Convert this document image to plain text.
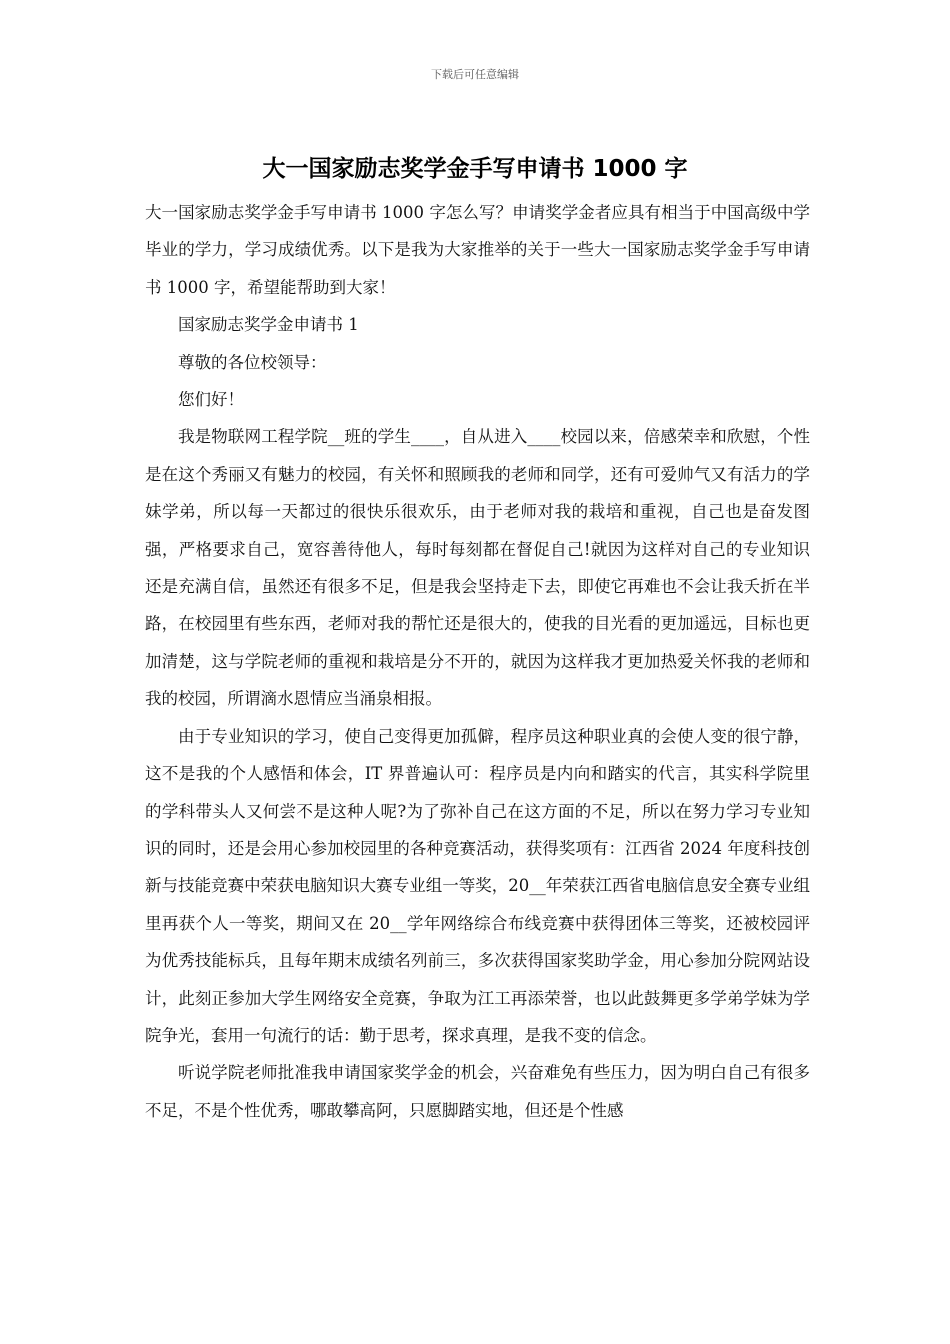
下载后可任意编辑
大一国家励志奖学金手写申请书 1000 字

大一国家励志奖学金手写申请书 1000 字怎么写？申请奖学金者应具有相当于中国高级中学毕业的学力，学习成绩优秀。以下是我为大家推举的关于一些大一国家励志奖学金手写申请书 1000 字，希望能帮助到大家！

国家励志奖学金申请书 1

尊敬的各位校领导：

您们好！

我是物联网工程学院__班的学生____，自从进入____校园以来，倍感荣幸和欣慰，个性是在这个秀丽又有魅力的校园，有关怀和照顾我的老师和同学，还有可爱帅气又有活力的学妹学弟，所以每一天都过的很快乐很欢乐，由于老师对我的栽培和重视，自己也是奋发图强，严格要求自己，宽容善待他人，每时每刻都在督促自己!就因为这样对自己的专业知识还是充满自信，虽然还有很多不足，但是我会坚持走下去，即使它再难也不会让我夭折在半路，在校园里有些东西，老师对我的帮忙还是很大的，使我的目光看的更加遥远，目标也更加清楚，这与学院老师的重视和栽培是分不开的，就因为这样我才更加热爱关怀我的老师和我的校园，所谓滴水恩情应当涌泉相报。

由于专业知识的学习，使自己变得更加孤僻，程序员这种职业真的会使人变的很宁静，这不是我的个人感悟和体会，IT 界普遍认可：程序员是内向和踏实的代言，其实科学院里的学科带头人又何尝不是这种人呢?为了弥补自己在这方面的不足，所以在努力学习专业知识的同时，还是会用心参加校园里的各种竞赛活动，获得奖项有：江西省 2024 年度科技创新与技能竞赛中荣获电脑知识大赛专业组一等奖，20__年荣获江西省电脑信息安全赛专业组里再获个人一等奖，期间又在 20__学年网络综合布线竞赛中获得团体三等奖，还被校园评为优秀技能标兵，且每年期末成绩名列前三，多次获得国家奖助学金，用心参加分院网站设计，此刻正参加大学生网络安全竞赛，争取为江工再添荣誉，也以此鼓舞更多学弟学妹为学院争光，套用一句流行的话：勤于思考，探求真理，是我不变的信念。

听说学院老师批准我申请国家奖学金的机会，兴奋难免有些压力，因为明白自己有很多不足，不是个性优秀，哪敢攀高阿，只愿脚踏实地，但还是个性感
